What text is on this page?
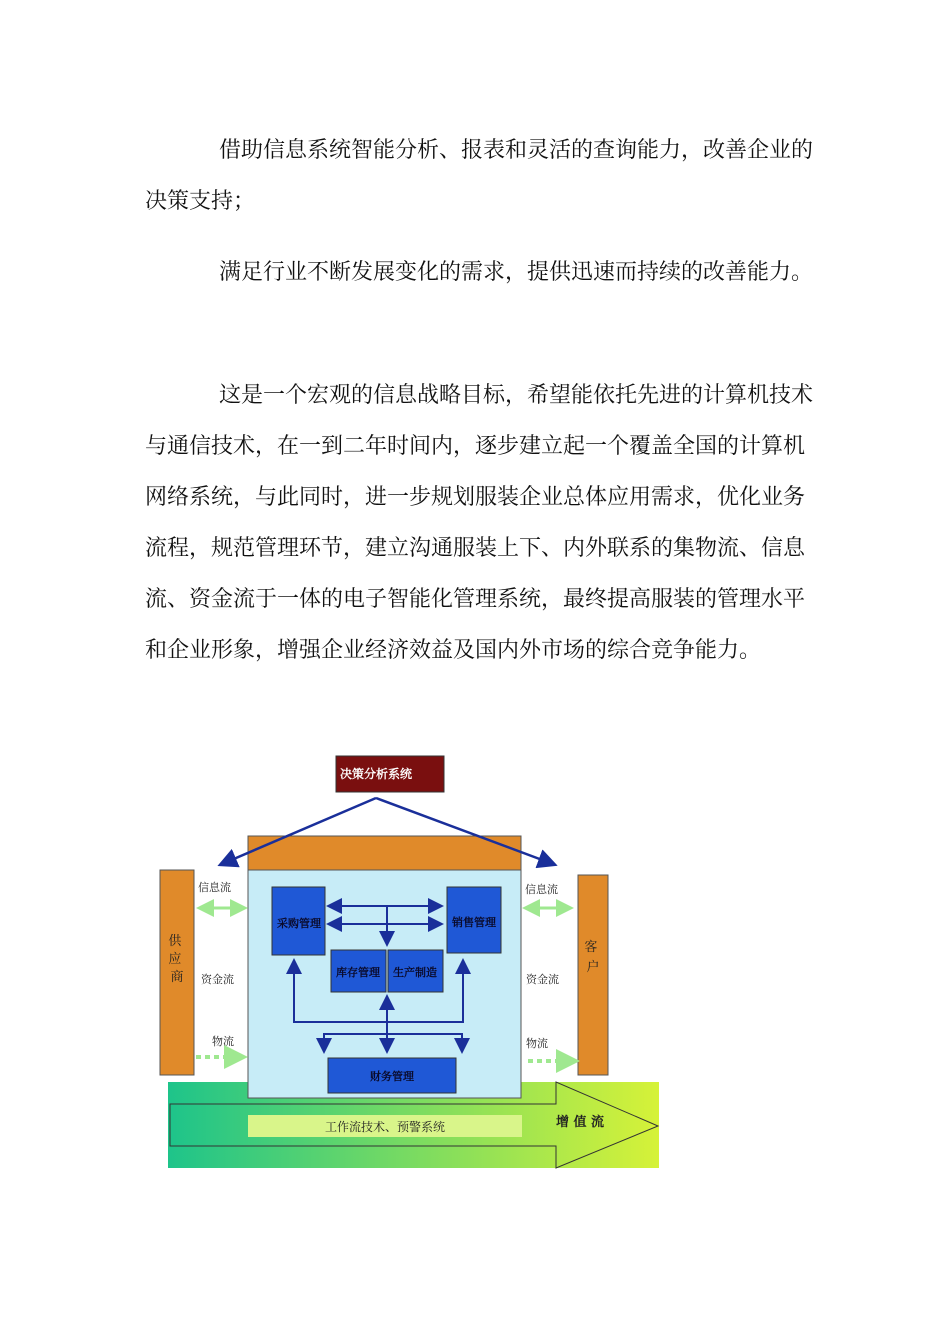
借助信息系统智能分析、报表和灵活的查询能力，改善企业的决策支持；

满足行业不断发展变化的需求，提供迅速而持续的改善能力。

这是一个宏观的信息战略目标，希望能依托先进的计算机技术与通信技术，在一到二年时间内，逐步建立起一个覆盖全国的计算机网络系统，与此同时，进一步规划服装企业总体应用需求，优化业务流程，规范管理环节，建立沟通服装上下、内外联系的集物流、信息流、资金流于一体的电子智能化管理系统，最终提高服装的管理水平和企业形象，增强企业经济效益及国内外市场的综合竞争能力。

工作流技术、预警系统	增 值 流
供 应 商
客 户
决策分析系统
采购管理	销售管理
库存管理 生产制造
财务管理
信息流
资金流
物流
信息流
资金流
物流
